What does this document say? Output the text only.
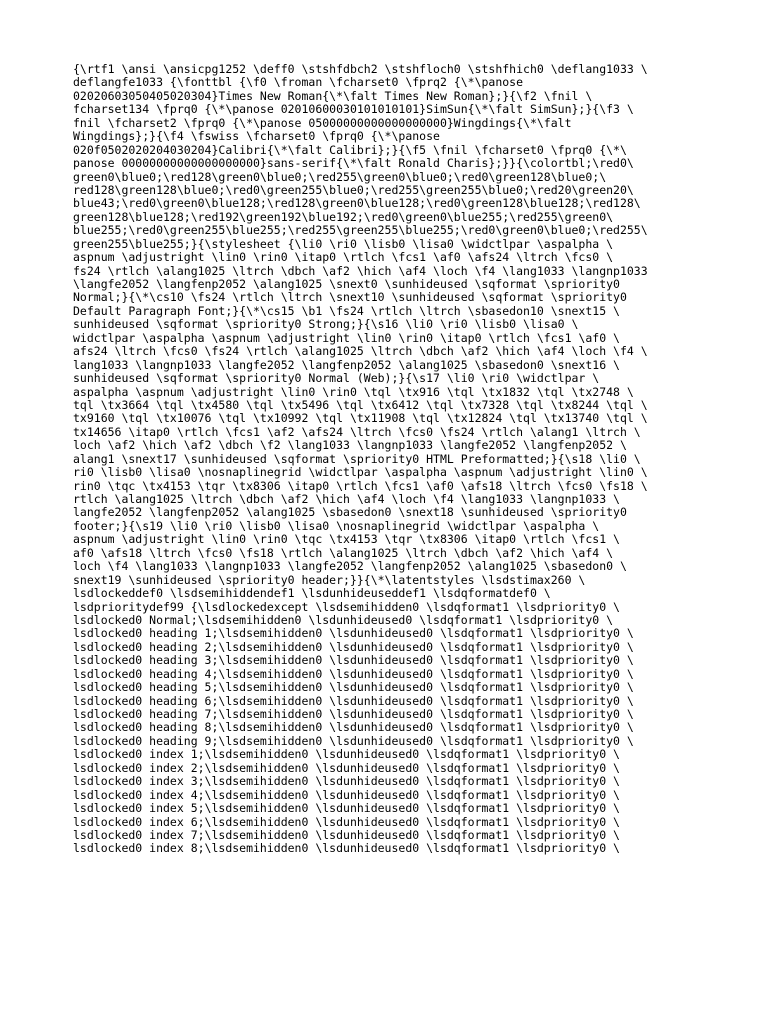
{\rtf1 \ansi \ansicpg1252 \deff0 \stshfdbch2 \stshfloch0 \stshfhich0 \deflang1033 \
deflangfe1033 {\fonttbl {\f0 \froman \fcharset0 \fprq2 {\*\panose
02020603050405020304}Times New Roman{\*\falt Times New Roman};}{\f2 \fnil \
fcharset134 \fprq0 {\*\panose 02010600030101010101}SimSun{\*\falt SimSun};}{\f3 \
fnil \fcharset2 \fprq0 {\*\panose 05000000000000000000}Wingdings{\*\falt
Wingdings};}{\f4 \fswiss \fcharset0 \fprq0 {\*\panose
020f0502020204030204}Calibri{\*\falt Calibri};}{\f5 \fnil \fcharset0 \fprq0 {\*\
panose 00000000000000000000}sans-serif{\*\falt Ronald Charis};}}{\colortbl;\red0\
green0\blue0;\red128\green0\blue0;\red255\green0\blue0;\red0\green128\blue0;\
red128\green128\blue0;\red0\green255\blue0;\red255\green255\blue0;\red20\green20\
blue43;\red0\green0\blue128;\red128\green0\blue128;\red0\green128\blue128;\red128\
green128\blue128;\red192\green192\blue192;\red0\green0\blue255;\red255\green0\
blue255;\red0\green255\blue255;\red255\green255\blue255;\red0\green0\blue0;\red255\
green255\blue255;}{\stylesheet {\li0 \ri0 \lisb0 \lisa0 \widctlpar \aspalpha \
aspnum \adjustright \lin0 \rin0 \itap0 \rtlch \fcs1 \af0 \afs24 \ltrch \fcs0 \
fs24 \rtlch \alang1025 \ltrch \dbch \af2 \hich \af4 \loch \f4 \lang1033 \langnp1033
\langfe2052 \langfenp2052 \alang1025 \snext0 \sunhideused \sqformat \spriority0
Normal;}{\*\cs10 \fs24 \rtlch \ltrch \snext10 \sunhideused \sqformat \spriority0
Default Paragraph Font;}{\*\cs15 \b1 \fs24 \rtlch \ltrch \sbasedon10 \snext15 \
sunhideused \sqformat \spriority0 Strong;}{\s16 \li0 \ri0 \lisb0 \lisa0 \
widctlpar \aspalpha \aspnum \adjustright \lin0 \rin0 \itap0 \rtlch \fcs1 \af0 \
afs24 \ltrch \fcs0 \fs24 \rtlch \alang1025 \ltrch \dbch \af2 \hich \af4 \loch \f4 \
lang1033 \langnp1033 \langfe2052 \langfenp2052 \alang1025 \sbasedon0 \snext16 \
sunhideused \sqformat \spriority0 Normal (Web);}{\s17 \li0 \ri0 \widctlpar \
aspalpha \aspnum \adjustright \lin0 \rin0 \tql \tx916 \tql \tx1832 \tql \tx2748 \
tql \tx3664 \tql \tx4580 \tql \tx5496 \tql \tx6412 \tql \tx7328 \tql \tx8244 \tql \
tx9160 \tql \tx10076 \tql \tx10992 \tql \tx11908 \tql \tx12824 \tql \tx13740 \tql \
tx14656 \itap0 \rtlch \fcs1 \af2 \afs24 \ltrch \fcs0 \fs24 \rtlch \alang1 \ltrch \
loch \af2 \hich \af2 \dbch \f2 \lang1033 \langnp1033 \langfe2052 \langfenp2052 \
alang1 \snext17 \sunhideused \sqformat \spriority0 HTML Preformatted;}{\s18 \li0 \
ri0 \lisb0 \lisa0 \nosnaplinegrid \widctlpar \aspalpha \aspnum \adjustright \lin0 \
rin0 \tqc \tx4153 \tqr \tx8306 \itap0 \rtlch \fcs1 \af0 \afs18 \ltrch \fcs0 \fs18 \
rtlch \alang1025 \ltrch \dbch \af2 \hich \af4 \loch \f4 \lang1033 \langnp1033 \
langfe2052 \langfenp2052 \alang1025 \sbasedon0 \snext18 \sunhideused \spriority0
footer;}{\s19 \li0 \ri0 \lisb0 \lisa0 \nosnaplinegrid \widctlpar \aspalpha \
aspnum \adjustright \lin0 \rin0 \tqc \tx4153 \tqr \tx8306 \itap0 \rtlch \fcs1 \
af0 \afs18 \ltrch \fcs0 \fs18 \rtlch \alang1025 \ltrch \dbch \af2 \hich \af4 \
loch \f4 \lang1033 \langnp1033 \langfe2052 \langfenp2052 \alang1025 \sbasedon0 \
snext19 \sunhideused \spriority0 header;}}{\*\latentstyles \lsdstimax260 \
lsdlockeddef0 \lsdsemihiddendef1 \lsdunhideuseddef1 \lsdqformatdef0 \
lsdprioritydef99 {\lsdlockedexcept \lsdsemihidden0 \lsdqformat1 \lsdpriority0 \
lsdlocked0 Normal;\lsdsemihidden0 \lsdunhideused0 \lsdqformat1 \lsdpriority0 \
lsdlocked0 heading 1;\lsdsemihidden0 \lsdunhideused0 \lsdqformat1 \lsdpriority0 \
lsdlocked0 heading 2;\lsdsemihidden0 \lsdunhideused0 \lsdqformat1 \lsdpriority0 \
lsdlocked0 heading 3;\lsdsemihidden0 \lsdunhideused0 \lsdqformat1 \lsdpriority0 \
lsdlocked0 heading 4;\lsdsemihidden0 \lsdunhideused0 \lsdqformat1 \lsdpriority0 \
lsdlocked0 heading 5;\lsdsemihidden0 \lsdunhideused0 \lsdqformat1 \lsdpriority0 \
lsdlocked0 heading 6;\lsdsemihidden0 \lsdunhideused0 \lsdqformat1 \lsdpriority0 \
lsdlocked0 heading 7;\lsdsemihidden0 \lsdunhideused0 \lsdqformat1 \lsdpriority0 \
lsdlocked0 heading 8;\lsdsemihidden0 \lsdunhideused0 \lsdqformat1 \lsdpriority0 \
lsdlocked0 heading 9;\lsdsemihidden0 \lsdunhideused0 \lsdqformat1 \lsdpriority0 \
lsdlocked0 index 1;\lsdsemihidden0 \lsdunhideused0 \lsdqformat1 \lsdpriority0 \
lsdlocked0 index 2;\lsdsemihidden0 \lsdunhideused0 \lsdqformat1 \lsdpriority0 \
lsdlocked0 index 3;\lsdsemihidden0 \lsdunhideused0 \lsdqformat1 \lsdpriority0 \
lsdlocked0 index 4;\lsdsemihidden0 \lsdunhideused0 \lsdqformat1 \lsdpriority0 \
lsdlocked0 index 5;\lsdsemihidden0 \lsdunhideused0 \lsdqformat1 \lsdpriority0 \
lsdlocked0 index 6;\lsdsemihidden0 \lsdunhideused0 \lsdqformat1 \lsdpriority0 \
lsdlocked0 index 7;\lsdsemihidden0 \lsdunhideused0 \lsdqformat1 \lsdpriority0 \
lsdlocked0 index 8;\lsdsemihidden0 \lsdunhideused0 \lsdqformat1 \lsdpriority0 \
